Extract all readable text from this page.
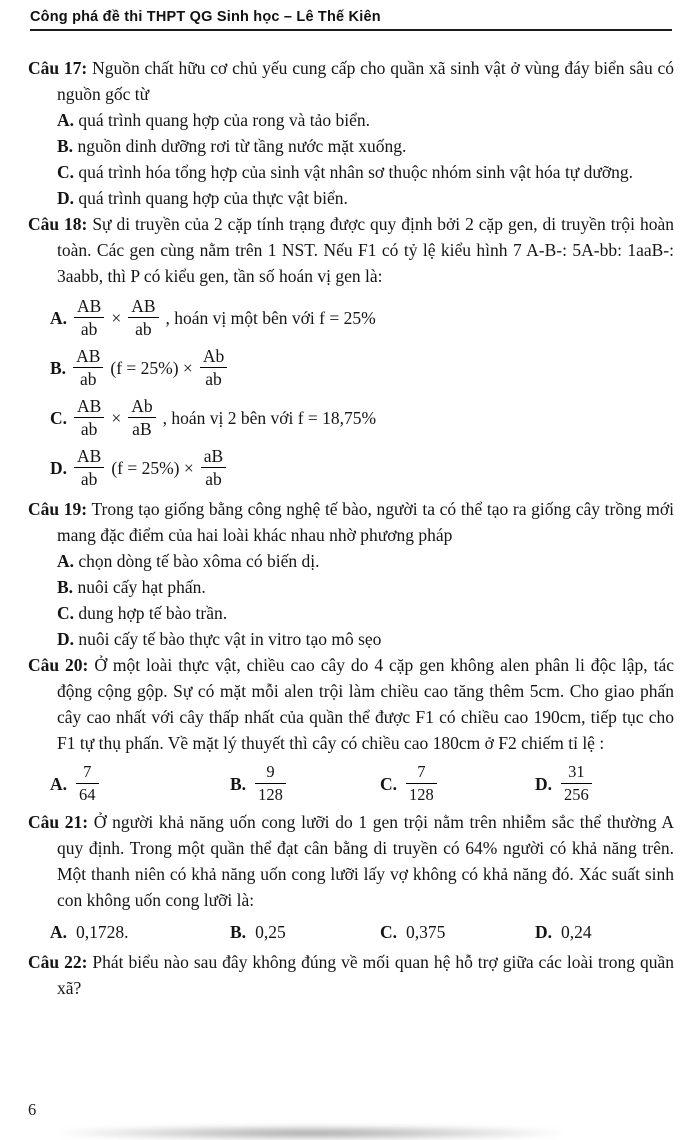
Công phá đề thi THPT QG Sinh học – Lê Thế Kiên

Câu 17: Nguồn chất hữu cơ chủ yếu cung cấp cho quần xã sinh vật ở vùng đáy biển sâu có nguồn gốc từ

A. quá trình quang hợp của rong và tảo biển.
B. nguồn dinh dưỡng rơi từ tầng nước mặt xuống.
C. quá trình hóa tổng hợp của sinh vật nhân sơ thuộc nhóm sinh vật hóa tự dưỡng.
D. quá trình quang hợp của thực vật biển.

Câu 18: Sự di truyền của 2 cặp tính trạng được quy định bởi 2 cặp gen, di truyền trội hoàn toàn. Các gen cùng nằm trên 1 NST. Nếu F1 có tỷ lệ kiểu hình 7 A-B-: 5A-bb: 1aaB-: 3aabb, thì P có kiểu gen, tần số hoán vị gen là:

A. $\frac{AB}{ab} \times \frac{AB}{ab}$ , hoán vị một bên với f = 25%
B. $\frac{AB}{ab} (f = 25\%) \times \frac{Ab}{ab}$
C. $\frac{AB}{ab} \times \frac{Ab}{aB}$ , hoán vị 2 bên với f = 18,75%
D. $\frac{AB}{ab} (f = 25\%) \times \frac{aB}{ab}$

Câu 19: Trong tạo giống bằng công nghệ tế bào, người ta có thể tạo ra giống cây trồng mới mang đặc điểm của hai loài khác nhau nhờ phương pháp

A. chọn dòng tế bào xôma có biến dị.
B. nuôi cấy hạt phấn.
C. dung hợp tế bào trần.
D. nuôi cấy tế bào thực vật in vitro tạo mô sẹo

Câu 20: Ở một loài thực vật, chiều cao cây do 4 cặp gen không alen phân li độc lập, tác động cộng gộp. Sự có mặt mỗi alen trội làm chiều cao tăng thêm 5cm. Cho giao phấn cây cao nhất với cây thấp nhất của quần thể được F1 có chiều cao 190cm, tiếp tục cho F1 tự thụ phấn. Về mặt lý thuyết thì cây có chiều cao 180cm ở F2 chiếm tỉ lệ :

A. $\frac{7}{64}$	B. $\frac{9}{128}$	C. $\frac{7}{128}$	D. $\frac{31}{256}$

Câu 21: Ở người khả năng uốn cong lưỡi do 1 gen trội nằm trên nhiễm sắc thể thường A quy định. Trong một quần thể đạt cân bằng di truyền có 64% người có khả năng trên. Một thanh niên có khả năng uốn cong lưỡi lấy vợ không có khả năng đó. Xác suất sinh con không uốn cong lưỡi là:

A. 0,1728.	B. 0,25	C. 0,375	D. 0,24

Câu 22: Phát biểu nào sau đây không đúng về mối quan hệ hỗ trợ giữa các loài trong quần xã?

6
